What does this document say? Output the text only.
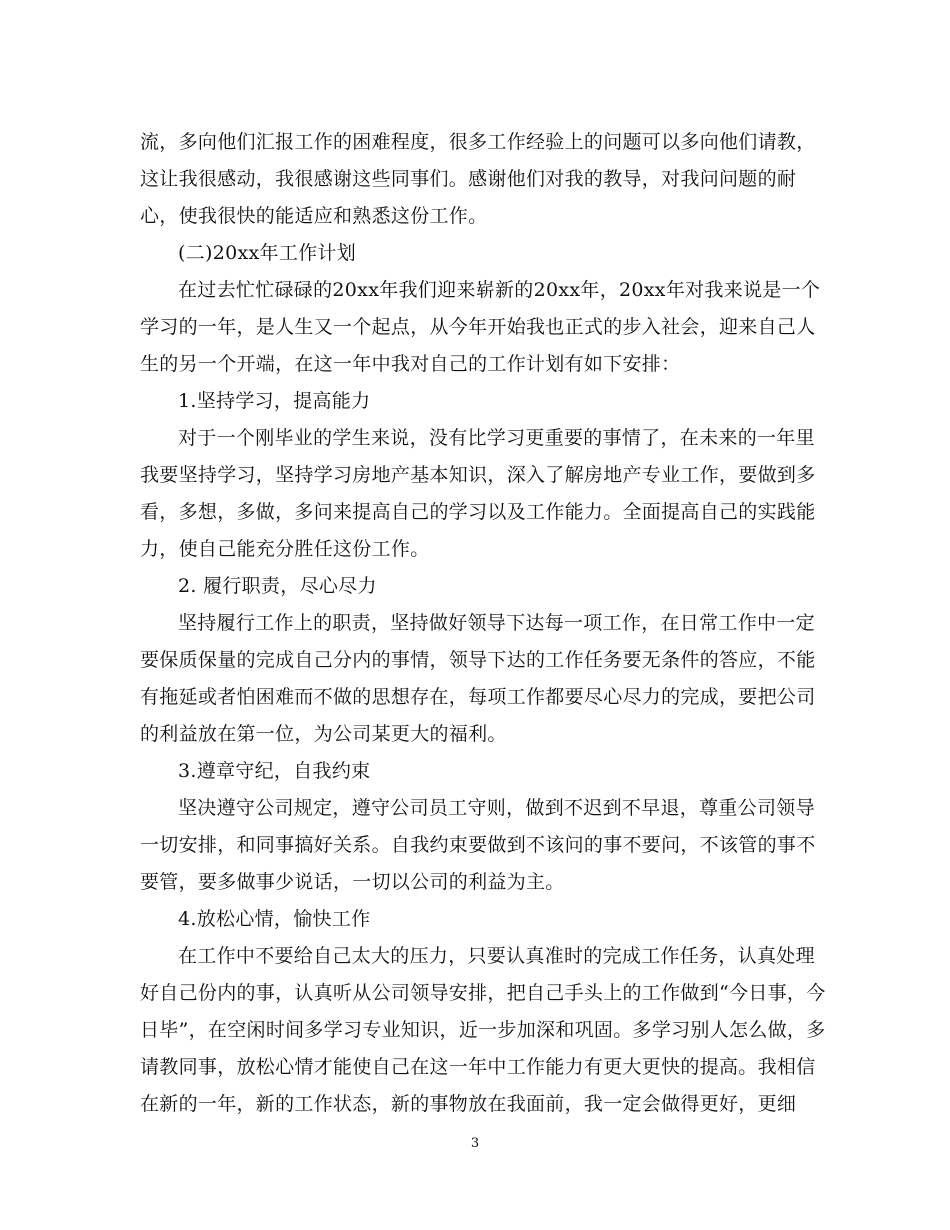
流，多向他们汇报工作的困难程度，很多工作经验上的问题可以多向他们请教，
这让我很感动，我很感谢这些同事们。感谢他们对我的教导，对我问问题的耐
心，使我很快的能适应和熟悉这份工作。
(二)20xx年工作计划
在过去忙忙碌碌的20xx年我们迎来崭新的20xx年，20xx年对我来说是一个
学习的一年，是人生又一个起点，从今年开始我也正式的步入社会，迎来自己人
生的另一个开端，在这一年中我对自己的工作计划有如下安排：
1.坚持学习，提高能力
对于一个刚毕业的学生来说，没有比学习更重要的事情了，在未来的一年里
我要坚持学习，坚持学习房地产基本知识，深入了解房地产专业工作，要做到多
看，多想，多做，多问来提高自己的学习以及工作能力。全面提高自己的实践能
力，使自己能充分胜任这份工作。
2. 履行职责，尽心尽力
坚持履行工作上的职责，坚持做好领导下达每一项工作，在日常工作中一定
要保质保量的完成自己分内的事情，领导下达的工作任务要无条件的答应，不能
有拖延或者怕困难而不做的思想存在，每项工作都要尽心尽力的完成，要把公司
的利益放在第一位，为公司某更大的福利。
3.遵章守纪，自我约束
坚决遵守公司规定，遵守公司员工守则，做到不迟到不早退，尊重公司领导
一切安排，和同事搞好关系。自我约束要做到不该问的事不要问，不该管的事不
要管，要多做事少说话，一切以公司的利益为主。
4.放松心情，愉快工作
在工作中不要给自己太大的压力，只要认真准时的完成工作任务，认真处理
好自己份内的事，认真听从公司领导安排，把自己手头上的工作做到“今日事，今
日毕”，在空闲时间多学习专业知识，近一步加深和巩固。多学习别人怎么做，多
请教同事，放松心情才能使自己在这一年中工作能力有更大更快的提高。我相信
在新的一年，新的工作状态，新的事物放在我面前，我一定会做得更好，更细
3
